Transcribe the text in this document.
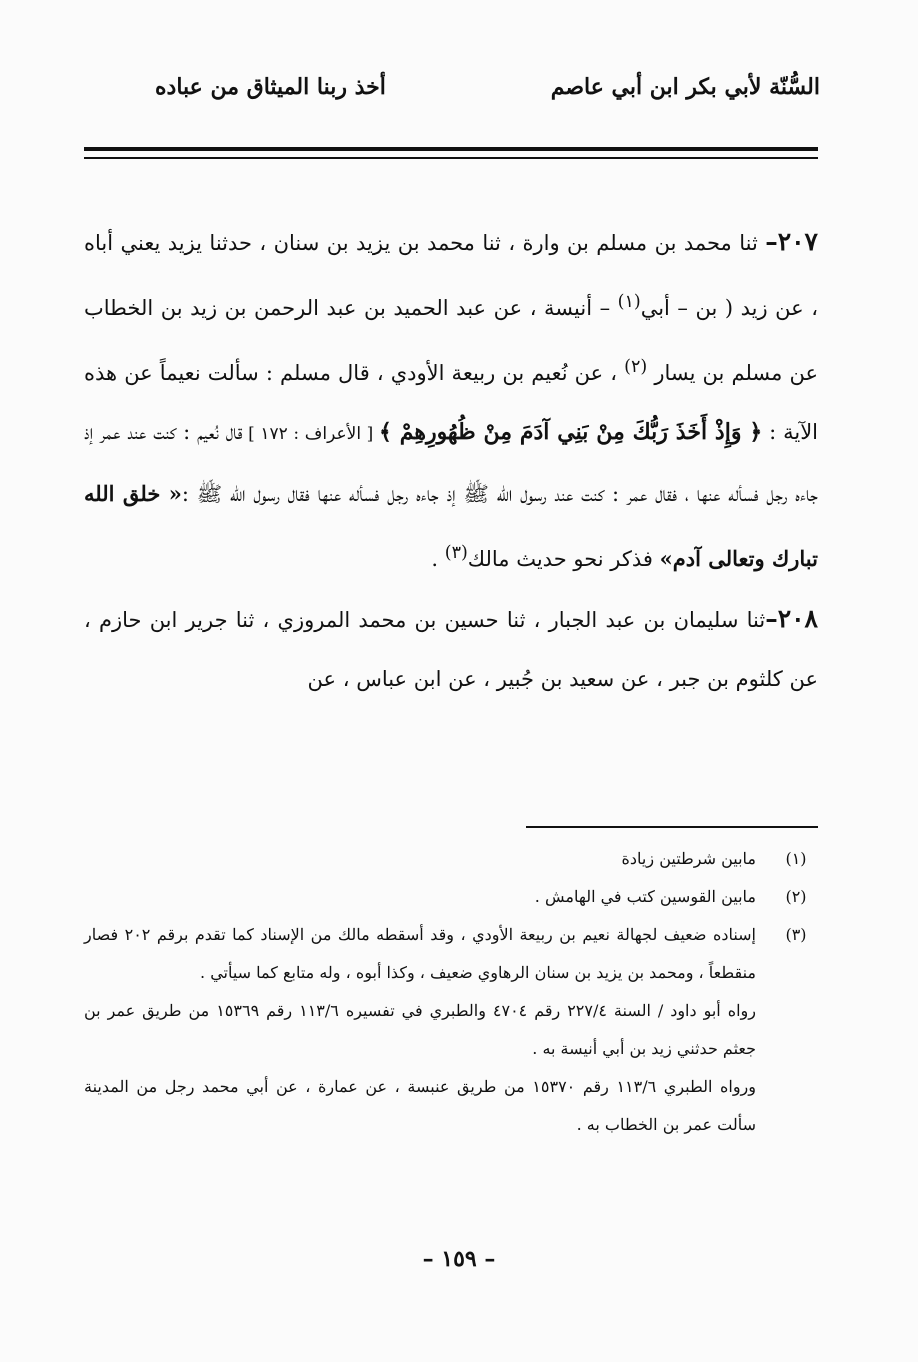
السُّنّة لأبي بكر ابن أبي عاصم
أخذ ربنا الميثاق من عباده

٢٠٧– ثنا محمد بن مسلم بن وارة ، ثنا محمد بن يزيد بن سنان ، حدثنا يزيد يعني أباه ، عن زيد ( بن – أبي$^{(١)}$ – أنيسة ، عن عبد الحميد بن عبد الرحمن بن زيد بن الخطاب عن مسلم بن يسار $^{(٢)}$ ، عن نُعيم بن ربيعة الأودي ، قال مسلم : سألت نعيماً عن هذه الآية : ﴿ وَإِذْ أَخَذَ رَبُّكَ مِنْ بَنِي آدَمَ مِنْ ظُهُورِهِمْ ﴾ [ الأعراف : ١٧٢ ] قال نُعيم : كنت عند عمر إذ جاءه رجل فسأله عنها ، فقال عمر : كنت عند رسول الله ﷺ إذ جاءه رجل فسأله عنها فقال رسول الله ﷺ :« خلق الله تبارك وتعالى آدم» فذكر نحو حديث مالك$^{(٣)}$ .

٢٠٨–ثنا سليمان بن عبد الجبار ، ثنا حسين بن محمد المروزي ، ثنا جرير ابن حازم ، عن كلثوم بن جبر ، عن سعيد بن جُبير ، عن ابن عباس ، عن

(١)

مابين شرطتين زيادة

(٢)

مابين القوسين كتب في الهامش .

(٣)

إسناده ضعيف لجهالة نعيم بن ربيعة الأودي ، وقد أسقطه مالك من الإسناد كما تقدم برقم ٢٠٢ فصار منقطعاً ، ومحمد بن يزيد بن سنان الرهاوي ضعيف ، وكذا أبوه ، وله متابع كما سيأتي .

رواه أبو داود / السنة ٢٢٧/٤ رقم ٤٧٠٤ والطبري في تفسيره ١١٣/٦ رقم ١٥٣٦٩ من طريق عمر بن جعثم حدثني زيد بن أبي أنيسة به .

ورواه الطبري ١١٣/٦ رقم ١٥٣٧٠ من طريق عنبسة ، عن عمارة ، عن أبي محمد رجل من المدينة سألت عمر بن الخطاب به .

– ١٥٩ –
